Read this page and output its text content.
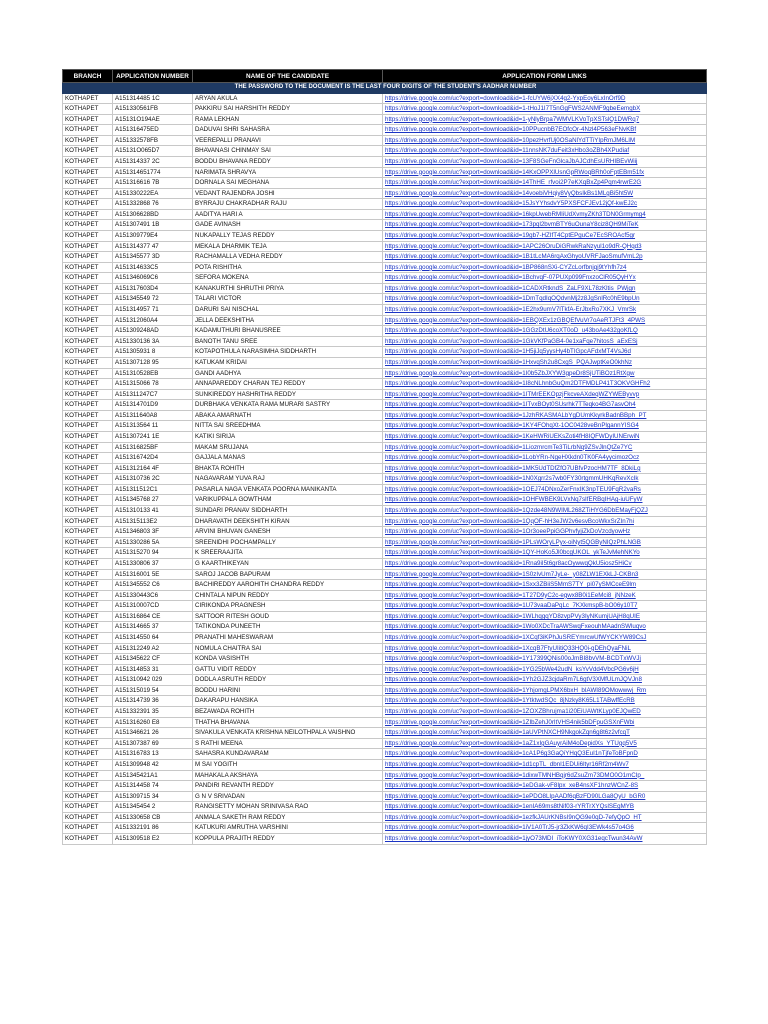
BRANCH	APPLICATION NUMBER	NAME OF THE CANDIDATE	APPLICATION FORM LINKS
THE PASSWORD TO THE DOCUMENT IS THE LAST FOUR DIGITS OF THE STUDENT'S AADHAR NUMBER			
KOTHAPET	A151314485 1C	ARYAN AKULA	https://drive.google.com/uc?export=download&id=1-fcUYW6jXX4g2-YxpEoy6LxInOrf9D
KOTHAPET	A151330561FB	PAKKIRU SAI HARSHITH REDDY	https://drive.google.com/uc?export=download&id=1-tHoJ1I7T5nGgFWS2ANMF9gbeEemgbX
KOTHAPET	A15131O194AE	RAMA LEKHAN	https://drive.google.com/uc?export=download&id=1-yNlyBrpa7WMVLKVoTpXSTslQ1DWRq7
KOTHAPET	A151316475ED	DADUVAI SHRI SAHASRA	https://drive.google.com/uc?export=download&id=10PPucnbB7EOfcOr-4Nzl4P563eFNvKBf
KOTHAPET	A151332578FB	VEEREPALLI PRANAVI	https://drive.google.com/uc?export=download&id=10pezHvrfUj0OSaNlYdTTiYIpRmJM6LIM
KOTHAPET	A15131O065D7	BHAVANASI CHINMAY SAI	https://drive.google.com/uc?export=download&id=11nnsNK7duFeit3xHbo3oZBh4XPudiaf
KOTHAPET	A151314337 2C	BODDU BHAVANA REDDY	https://drive.google.com/uc?export=download&id=13F8SGeFnGlcaJbAJCdhEsURHIBEvWiij
KOTHAPET	A151314651774	NARIMATA SHRAVYA	https://drive.google.com/uc?export=download&id=14KxOPPXlUsnGpRWoqBRh0oFptEBm51fx
KOTHAPET	A151316616 7B	DORNALA SAI MEGHANA	https://drive.google.com/uc?export=download&id=14ThHE_rfvoi2P7eKXqBxZp4Pqm4rwrE2G
KOTHAPET	A151330222EA	VEDANT RAJENDRA JOSHI	https://drive.google.com/uc?export=download&id=14voebiVHqiy8VyQbsIkBs1MLgBi5ht5W
KOTHAPET	A151332868 76	BYRRAJU CHAKRADHAR RAJU	https://drive.google.com/uc?export=download&id=15JsYYhsdvY5PXSFCFJEv12jQf-kwEJ2c
KOTHAPET	A151306628BD	AADITYA HARI A	https://drive.google.com/uc?export=download&id=16kpUwebRMIiUdXvmyZKh3TDN0Grmymg4
KOTHAPET	A151307491 1B	GADE AVINASH	https://drive.google.com/uc?export=download&id=173pql2bvmBTY6uOunaY8ciz8QH9MiTeK
KOTHAPET	A151309779E4	NUKAPALLY TEJAS REDDY	https://drive.google.com/uc?export=download&id=19gb7-HZIfT4CptEPguCe7EcSROAcf5gr
KOTHAPET	A151314377 47	MEKALA DHARMIK TEJA	https://drive.google.com/uc?export=download&id=1APC26OruDiGRwkRaNzyul1o9dR-QHqd3
KOTHAPET	A151345577 3D	RACHAMALLA VEDHA REDDY	https://drive.google.com/uc?export=download&id=1B1tLcMA6rqAxGhyoUVRFJaoSmufVmL2p
KOTHAPET	A151314633C5	POTA RISHITHA	https://drive.google.com/uc?export=download&id=1BP868nSXi-CYZcLorfbnjqj9tYhfh7z4
KOTHAPET	A151346069C6	SEFORA MOKENA	https://drive.google.com/uc?export=download&id=1BchvqF-07PUXp099FnxzoClR05QyHYx
KOTHAPET	A151317603D4	KANAKURTHI SHRUTHI PRIYA	https://drive.google.com/uc?export=download&id=1CADXRtkndS_ZaLF9XL78zKltis_PWjgn
KOTHAPET	A151345549 72	TALARI VICTOR	https://drive.google.com/uc?export=download&id=1DmTqdIqOQdvnMj2z8JgSnlRc0hE9bpUn
KOTHAPET	A151314957 71	DARURI SAI NISCHAL	https://drive.google.com/uc?export=download&id=1E2hx9umV7lTkfA-ErJbxRo7XKJ_VmrSk
KOTHAPET	A151312060A4	JELLA DEEKSHITHA	https://drive.google.com/uc?export=download&id=1EBQXEx1zGBQEfVuVr7oAeRTJFt3_4PWS
KOTHAPET	A151309248AD	KADAMUTHURI BHANUSREE	https://drive.google.com/uc?export=download&id=1GGzDtU6coXT0oD_u43boAe432goKfLQ
KOTHAPET	A151330136 3A	BANOTH TANU SREE	https://drive.google.com/uc?export=download&id=1GkVKfPaGB4-0e1xaFqe7hitosS_aExESj
KOTHAPET	A151305931 8	KOTAPOTHULA NARASIMHA SIDDHARTH	https://drive.google.com/uc?export=download&id=1H5jiJq5yysHy4bTIGpcAFdxMT4VsJ6d
KOTHAPET	A151307128 95	KATUKAM KRIDAI	https://drive.google.com/uc?export=download&id=1HxvqSh2u8CxgS_PQAJwptKeO0khNz
KOTHAPET	A151310528EB	GANDI AADHYA	https://drive.google.com/uc?export=download&id=1I0b5ZbJXYW3gpeDr8SjUTiBOz1RtXgw
KOTHAPET	A151315066 78	ANNAPAREDDY CHARAN TEJ REDDY	https://drive.google.com/uc?export=download&id=1I8cNLhnbGuQm2DTFMDLP41T3OKVGHFh2
KOTHAPET	A151311247C7	SUNKIREDDY HASHRITHA REDDY	https://drive.google.com/uc?export=download&id=1ITMrEEKOpzjFkcveAXdeqWZYWEByvvp
KOTHAPET	A151314701D9	DURBHAKA VENKATA RAMA MURARI SASTRY	https://drive.google.com/uc?export=download&id=1ITvxBOyt0SUsrhk7TTeqko4BG7asvOh4
KOTHAPET	A151311640A8	ABAKA AMARNATH	https://drive.google.com/uc?export=download&id=1JzhRKASMALbYgDUmKkyrkBadnBBph_PT
KOTHAPET	A151313564 11	NITTA SAI SREEDHMA	https://drive.google.com/uc?export=download&id=1KY4FOhqXt-1OC0428veBnPlgannYISG4
KOTHAPET	A151307241 1E	KATIKI SIRIJA	https://drive.google.com/uc?export=download&id=1KeHWRiUEKsZoti4fH8IQFWDyIUNErwiN
KOTHAPET	A151316825BF	MAKAM SRUJANA	https://drive.google.com/uc?export=download&id=1LiozmrcmTe3TiLrbNq9ZSvJlnQtZe7YC
KOTHAPET	A151316742D4	GAJJALA MANAS	https://drive.google.com/uc?export=download&id=1LobYRn-NgeHXkdn0TK0FA4yycimozOcz
KOTHAPET	A151312164 4F	BHAKTA ROHITH	https://drive.google.com/uc?export=download&id=1MK5UdTDfZfO7UBfvPzocHM7TF_8DkiLg
KOTHAPET	A151310736 2C	NAGAVARAM YUVA RAJ	https://drive.google.com/uc?export=download&id=1N0Xgrr2s7wb0FY30rtgmmUHKqRevXcIk
KOTHAPET	A151311512C1	PASARLA NAGA VENKATA POORNA MANIKANTA	https://drive.google.com/uc?export=download&id=1OEJ74DNxoZerFnxIK3npTEU9FqR2vaRs
KOTHAPET	A151345768 27	VARIKUPPALA GOWTHAM	https://drive.google.com/uc?export=download&id=1OHFWBEK9LVxNq7sIfERBqIHAg-iuUFyW
KOTHAPET	A151310133 41	SUNDARI PRANAV SIDDHARTH	https://drive.google.com/uc?export=download&id=1Qzde48N9WIML268ZTiHYG6DbEMayFjQZJ
KOTHAPET	A151315113E2	DHARAVATH DEEKSHITH KIRAN	https://drive.google.com/uc?export=download&id=1QqOF-hH3eJW2v6esvBcoWkxSrZIn7hi
KOTHAPET	A151346803 3F	ARVINI BHUVAN GANESH	https://drive.google.com/uc?export=download&id=1Or3oeePpiGGPhvfyjiZkDoVzcdyowHz
KOTHAPET	A151330286 5A	SREENIDHI POCHAMPALLY	https://drive.google.com/uc?export=download&id=1PLsWOryLPyx-oiNyt5QGByNIQzPhLNGB
KOTHAPET	A151315270 94	K SREERAAJITA	https://drive.google.com/uc?export=download&id=1QY-HoKo5Jl0bcgUKOL_ykTeJvMehNKYo
KOTHAPET	A151330806 37	G KAARTHIKEYAN	https://drive.google.com/uc?export=download&id=1Rna9iI5t6gr8acOywwqQkU5iosz5HiCv
KOTHAPET	A151316001 5E	SAROJ JACOB BAPURAM	https://drive.google.com/uc?export=download&id=1S0zIvUm7JyLe-_y08ZLW1EXkLJ-CKBn3
KOTHAPET	A151345552 C6	BACHIREDDY AAROHITH CHANDRA REDDY	https://drive.google.com/uc?export=download&id=1Sxx3ZBiiS5MmS7TY_pi07ySMCceE9lm
KOTHAPET	A151330443C6	CHINTALA NIPUN REDDY	https://drive.google.com/uc?export=download&id=1T27D9yC2c-egwx8B0i1EeMci8_jNNzeK
KOTHAPET	A151310007CD	CIRIKONDA PRAGNESH	https://drive.google.com/uc?export=download&id=1U73vaaDaPqLc_7KXkmspB-bO06y10T7
KOTHAPET	A151316864 CE	SATTOOR RITESH GOUD	https://drive.google.com/uc?export=download&id=1WLhqgqYD8zvpPVy3IyNKumjUAjH8qUIE
KOTHAPET	A151314665 37	TATIKONDA PUNEETH	https://drive.google.com/uc?export=download&id=1Wo0XDcTraAWSwqFxeouhMAadnSWluqvo
KOTHAPET	A151314550 64	PRANATHI MAHESWARAM	https://drive.google.com/uc?export=download&id=1XCqf3iKPhJuSREYmrcwUfWYCKYW89CsJ
KOTHAPET	A151312249 A2	NOMULA CHAITRA SAI	https://drive.google.com/uc?export=download&id=1XcqB7FtyUIitiQ33HQ0i-gDEhQyaFNiL
KOTHAPET	A151345622 CF	KONDA VASISHTH	https://drive.google.com/uc?export=download&id=1Y17399QNis00oJmBI8bvVM-BCDTxWVJj
KOTHAPET	A151314853 31	GATTU VIDIT REDDY	https://drive.google.com/uc?export=download&id=1YG25bWe42udN_ksYvVdd4VbcPG6v6jH
KOTHAPET	A151310942 029	DODLA ASRUTH REDDY	https://drive.google.com/uc?export=download&id=1Yh2GJZ3cjdaRm7L6gtV3XMfULmJQVJn8
KOTHAPET	A151315019 54	BODDU HARINI	https://drive.google.com/uc?export=download&id=1YhjomgLPMX6bxH_bIAWI89OMowwwj_Rm
KOTHAPET	A151314739 36	DAKARAPU HANSIKA	https://drive.google.com/uc?export=download&id=1YtktwdSQc_8jNzky8K65L1TABwffEcRB
KOTHAPET	A151332391 35	BEZAWADA ROHITH	https://drive.google.com/uc?export=download&id=1ZOXZBhrujma1i20EiUAWtKLyp0EJQwED
KOTHAPET	A151316260 E8	THATHA BHAVANA	https://drive.google.com/uc?export=download&id=1ZIbZehJ0rItVHS4nik5bDFpuGSXnFWbi
KOTHAPET	A151346621 26	SIVAKULA VENKATA KRISHNA NEILOTHPALA VAISHNO	https://drive.google.com/uc?export=download&id=1aUVPtNXCH9NkgokZqn6g8t6z2vfcqT
KOTHAPET	A151307387 69	S RATHI MEENA	https://drive.google.com/uc?export=download&id=1aZ1xIgGAuyrAiM4oDepidXs_YTUgq5V5
KOTHAPET	A151316783 13	SAHASRA KUNDAVARAM	https://drive.google.com/uc?export=download&id=1cA1P6g3GaQiYHqQ3EuI1nTjfeToBFpnD
KOTHAPET	A151309948 42	M SAI YOGITH	https://drive.google.com/uc?export=download&id=1d1cpTL_dbnI1EDUi6ltyr16Rf2m4Wv7
KOTHAPET	A151345421A1	MAHAKALA AKSHAYA	https://drive.google.com/uc?export=download&id=1dixwTMNHBqjr6dZsuZm73DMO0O1mCIp_
KOTHAPET	A151314458 74	PANDIRI REVANTH REDDY	https://drive.google.com/uc?export=download&id=1eDGak-vF8Ipx_xeB4nsXF1hnzWCnZ-8S
KOTHAPET	A151309715 34	G N V SRIVADAN	https://drive.google.com/uc?export=download&id=1ePDO8LIpAADf6qBzFD90LGa8QyU_bGR0
KOTHAPET	A151345454 2	RANGISETTY MOHAN SRINIVASA RAO	https://drive.google.com/uc?export=download&id=1enIA69ms8tNif03-rYRTrXYQslSEgMYB
KOTHAPET	A151330658 CB	ANMALA SAKETH RAM REDDY	https://drive.google.com/uc?export=download&id=1ezfkJAUrKNBsI9nQG9e0qD-7efyQpO_HT
KOTHAPET	A151332191 86	KATUKURI AMRUTHA VARSHINI	https://drive.google.com/uc?export=download&id=1iV1A0TrJ5-jr3ZkKW6qI3EWk4s57o4G6
KOTHAPET	A151309518 E2	KOPPULA PRAJITH REDDY	https://drive.google.com/uc?export=download&id=1jyO73MDI_iToKWY0XG31eqcTwun34AvW
